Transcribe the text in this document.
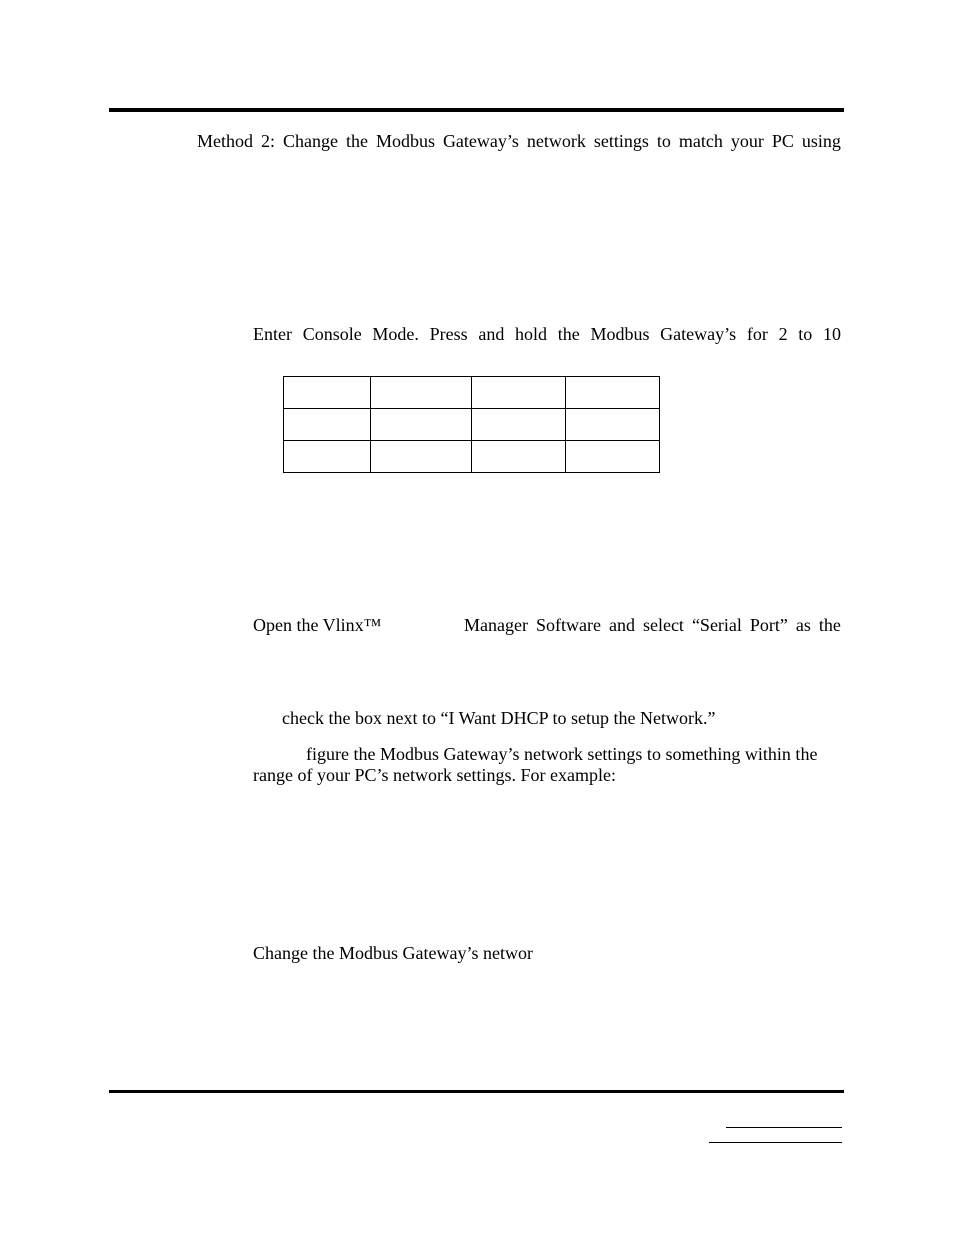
Method 2: Change the Modbus Gateway’s network settings to match your PC using
Enter Console Mode. Press and hold the Modbus Gateway’s for 2 to 10

Open the Vlinx™	Manager Software and select “Serial Port” as the
check the box next to “I Want DHCP to setup the Network.”
figure the Modbus Gateway’s network settings to something within the
range of your PC’s network settings. For example:
Change the Modbus Gateway’s networ
